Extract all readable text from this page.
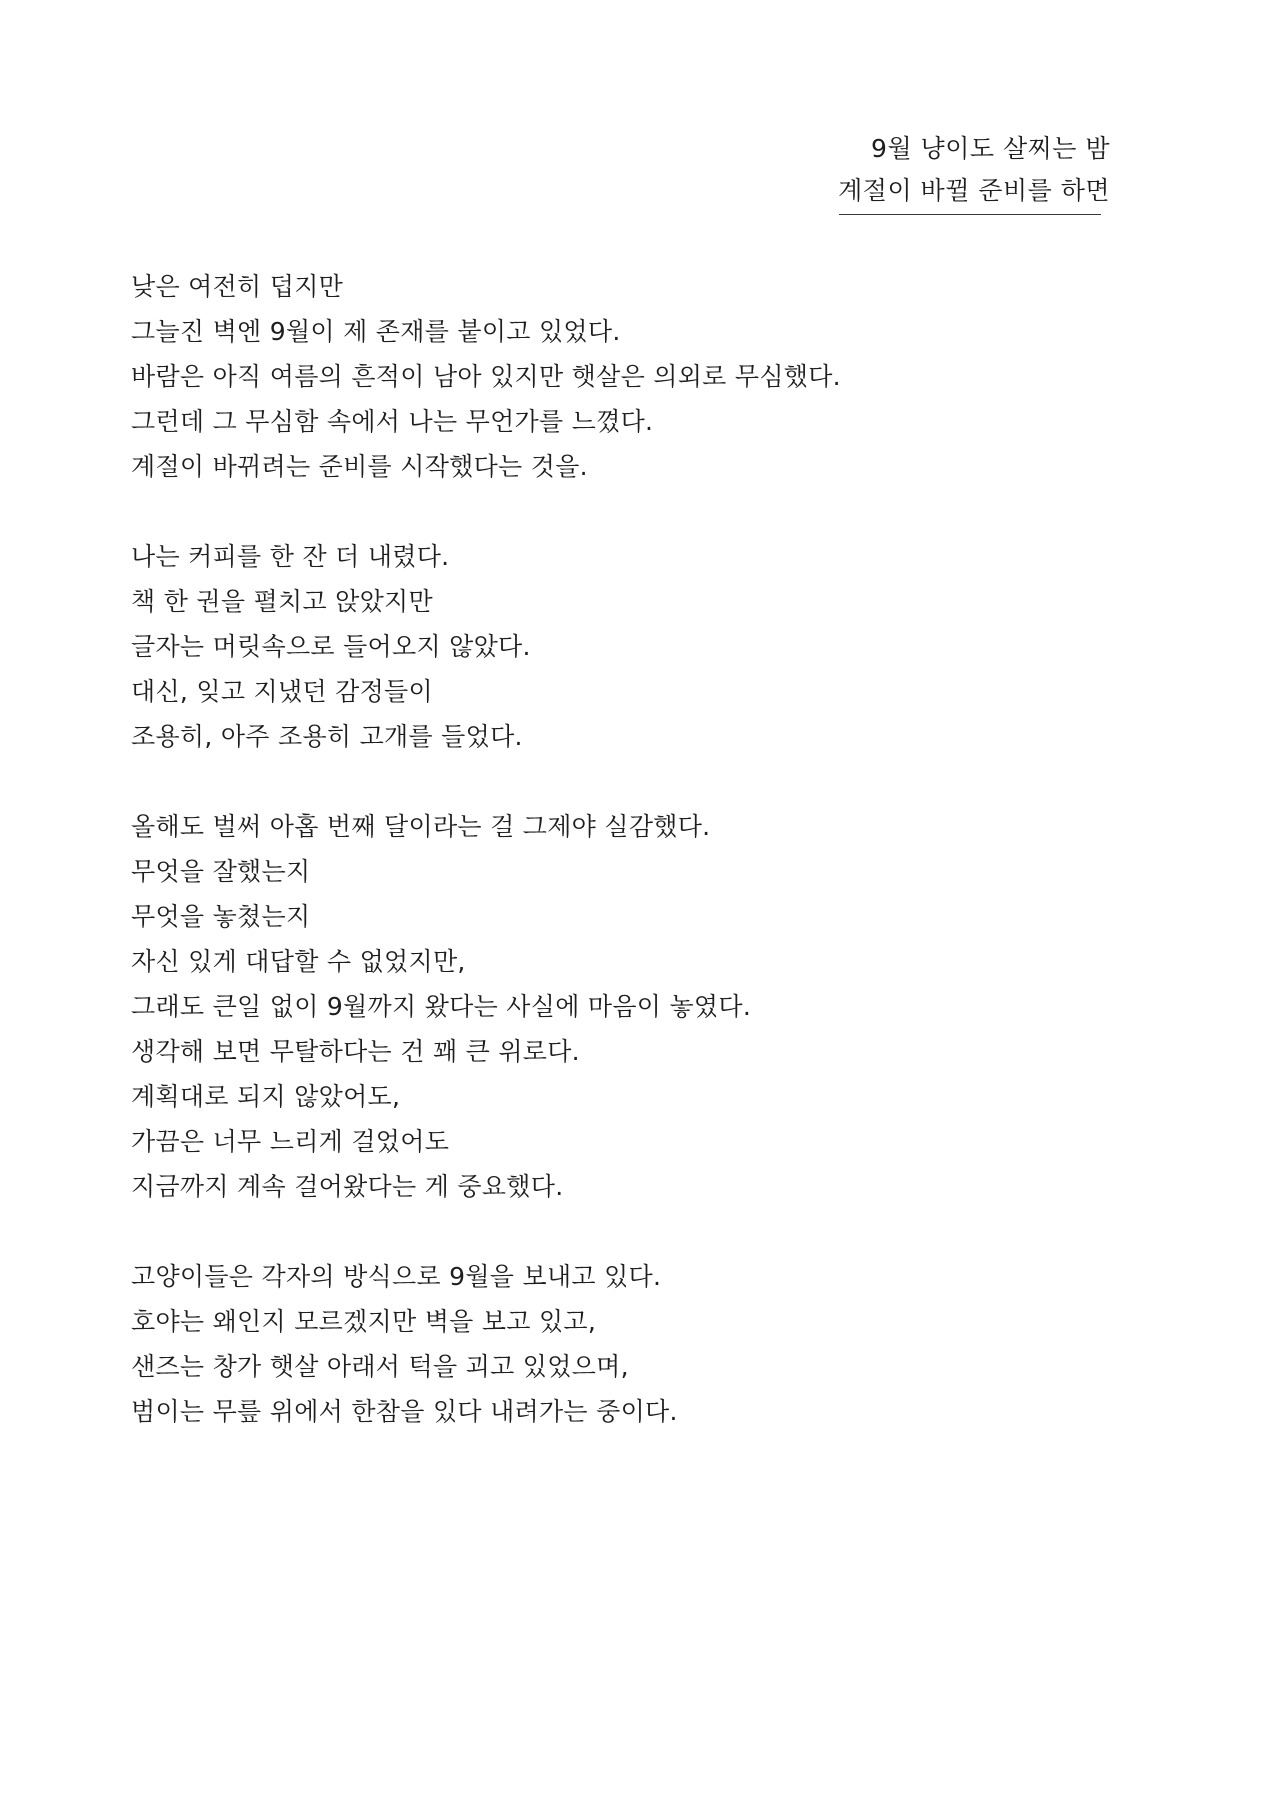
9월 냥이도 살찌는 밤
계절이 바뀔 준비를 하면
낮은 여전히 덥지만
그늘진 벽엔 9월이 제 존재를 붙이고 있었다.
바람은 아직 여름의 흔적이 남아 있지만 햇살은 의외로 무심했다.
그런데 그 무심함 속에서 나는 무언가를 느꼈다.
계절이 바뀌려는 준비를 시작했다는 것을.
나는 커피를 한 잔 더 내렸다.
책 한 권을 펼치고 앉았지만
글자는 머릿속으로 들어오지 않았다.
대신, 잊고 지냈던 감정들이
조용히, 아주 조용히 고개를 들었다.
올해도 벌써 아홉 번째 달이라는 걸 그제야 실감했다.
무엇을 잘했는지
무엇을 놓쳤는지
자신 있게 대답할 수 없었지만,
그래도 큰일 없이 9월까지 왔다는 사실에 마음이 놓였다.
생각해 보면 무탈하다는 건 꽤 큰 위로다.
계획대로 되지 않았어도,
가끔은 너무 느리게 걸었어도
지금까지 계속 걸어왔다는 게 중요했다.
고양이들은 각자의 방식으로 9월을 보내고 있다.
호야는 왜인지 모르겠지만 벽을 보고 있고,
샌즈는 창가 햇살 아래서 턱을 괴고 있었으며,
범이는 무릎 위에서 한참을 있다 내려가는 중이다.
